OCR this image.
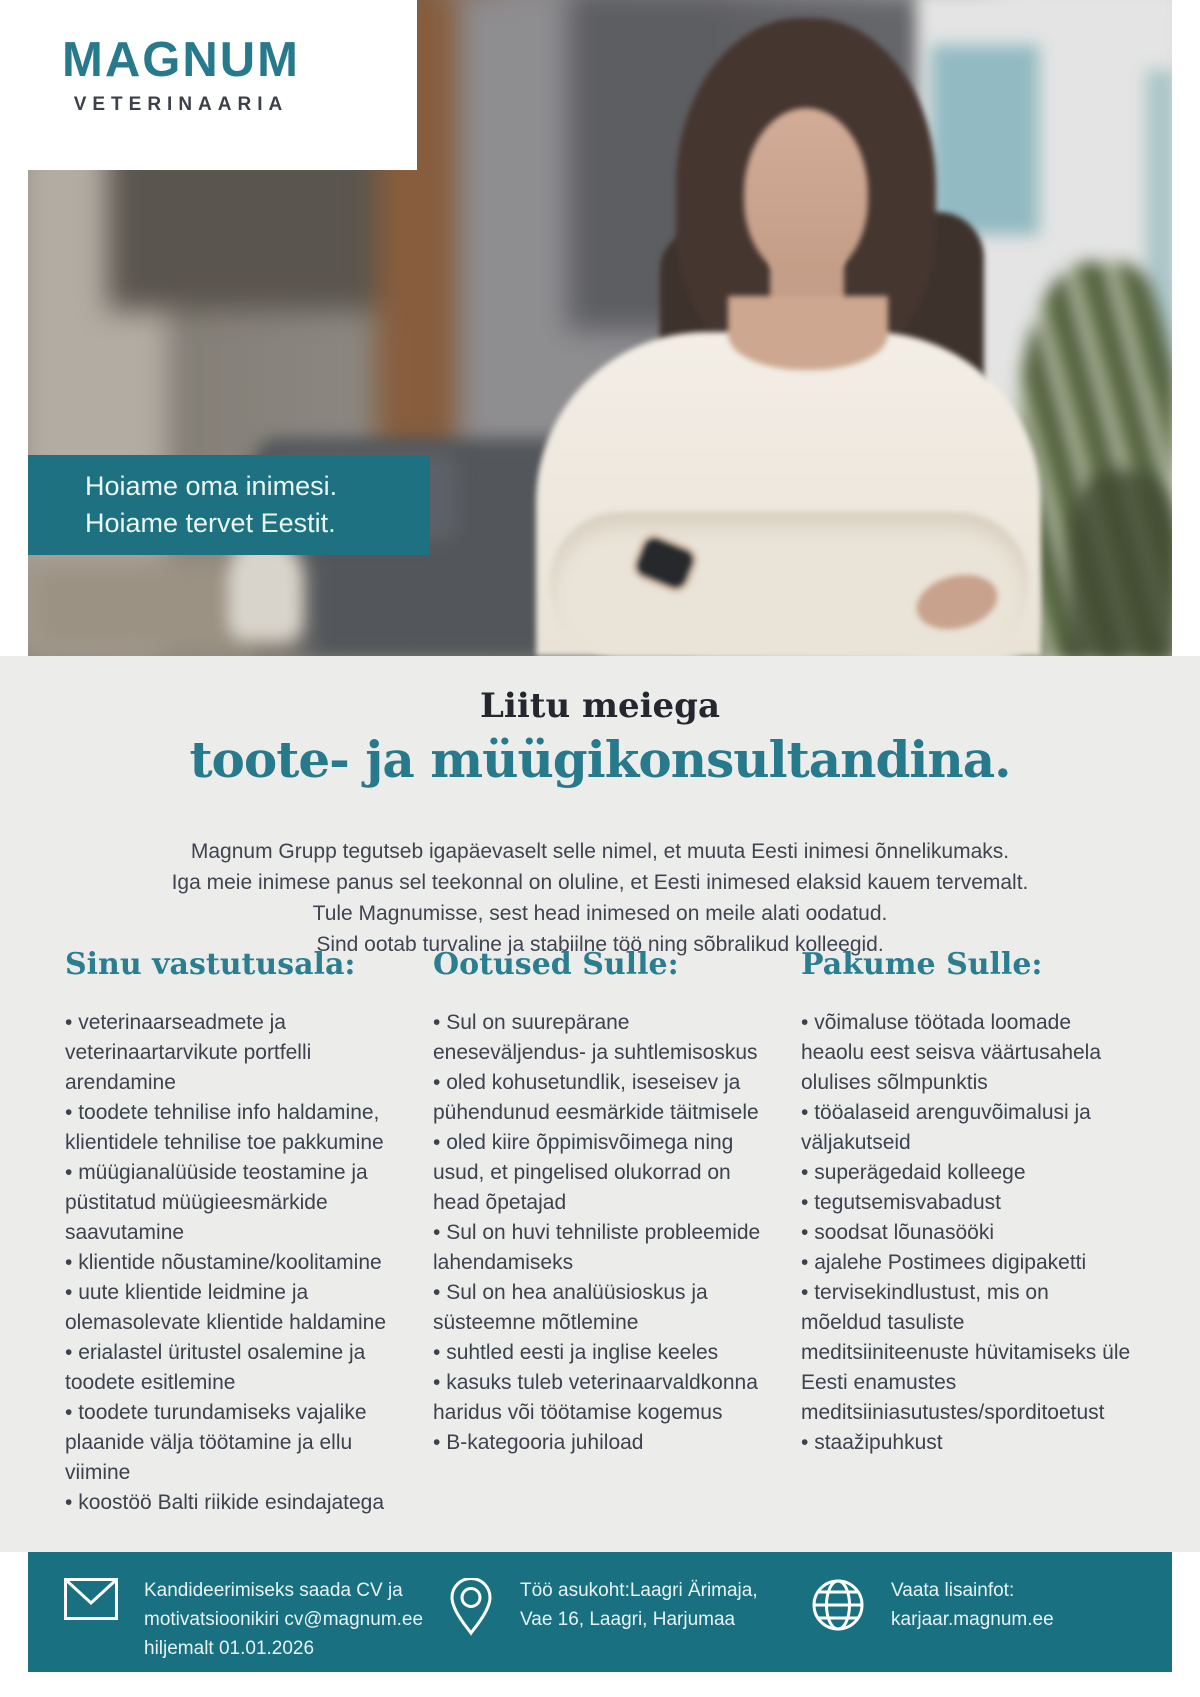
MAGNUM
VETERINAARIA
Hoiame oma inimesi.
Hoiame tervet Eestit.
Liitu meiega
toote- ja müügikonsultandina.
Magnum Grupp tegutseb igapäevaselt selle nimel, et muuta Eesti inimesi õnnelikumaks.
Iga meie inimese panus sel teekonnal on oluline, et Eesti inimesed elaksid kauem tervemalt.
Tule Magnumisse, sest head inimesed on meile alati oodatud.
Sind ootab turvaline ja stabiilne töö ning sõbralikud kolleegid.
Sinu vastutusala:
• veterinaarseadmete ja veterinaartarvikute portfelli arendamine
• toodete tehnilise info haldamine, klientidele tehnilise toe pakkumine
• müügianalüüside teostamine ja püstitatud müügieesmärkide saavutamine
• klientide nõustamine/koolitamine
• uute klientide leidmine ja olemasolevate klientide haldamine
• erialastel üritustel osalemine ja toodete esitlemine
• toodete turundamiseks vajalike plaanide välja töötamine ja ellu viimine
• koostöö Balti riikide esindajatega
Ootused Sulle:
• Sul on suurepärane eneseväljendus- ja suhtlemisoskus
• oled kohusetundlik, iseseisev ja pühendunud eesmärkide täitmisele
• oled kiire õppimisvõimega ning usud, et pingelised olukorrad on head õpetajad
• Sul on huvi tehniliste probleemide lahendamiseks
• Sul on hea analüüsioskus ja süsteemne mõtlemine
• suhtled eesti ja inglise keeles
• kasuks tuleb veterinaarvaldkonna haridus või töötamise kogemus
• B-kategooria juhiload
Pakume Sulle:
• võimaluse töötada loomade heaolu eest seisva väärtusahela olulises sõlmpunktis
• tööalaseid arenguvõimalusi ja väljakutseid
• superägedaid kolleege
• tegutsemisvabadust
• soodsat lõunasööki
• ajalehe Postimees digipaketti
• tervisekindlustust, mis on mõeldud tasuliste meditsiiniteenuste hüvitamiseks üle Eesti enamustes meditsiiniasutustes/sporditoetust
• staažipuhkust
Kandideerimiseks saada CV ja
motivatsioonikiri cv@magnum.ee
hiljemalt 01.01.2026
Töö asukoht:Laagri Ärimaja,
Vae 16, Laagri, Harjumaa
Vaata lisainfot:
karjaar.magnum.ee
